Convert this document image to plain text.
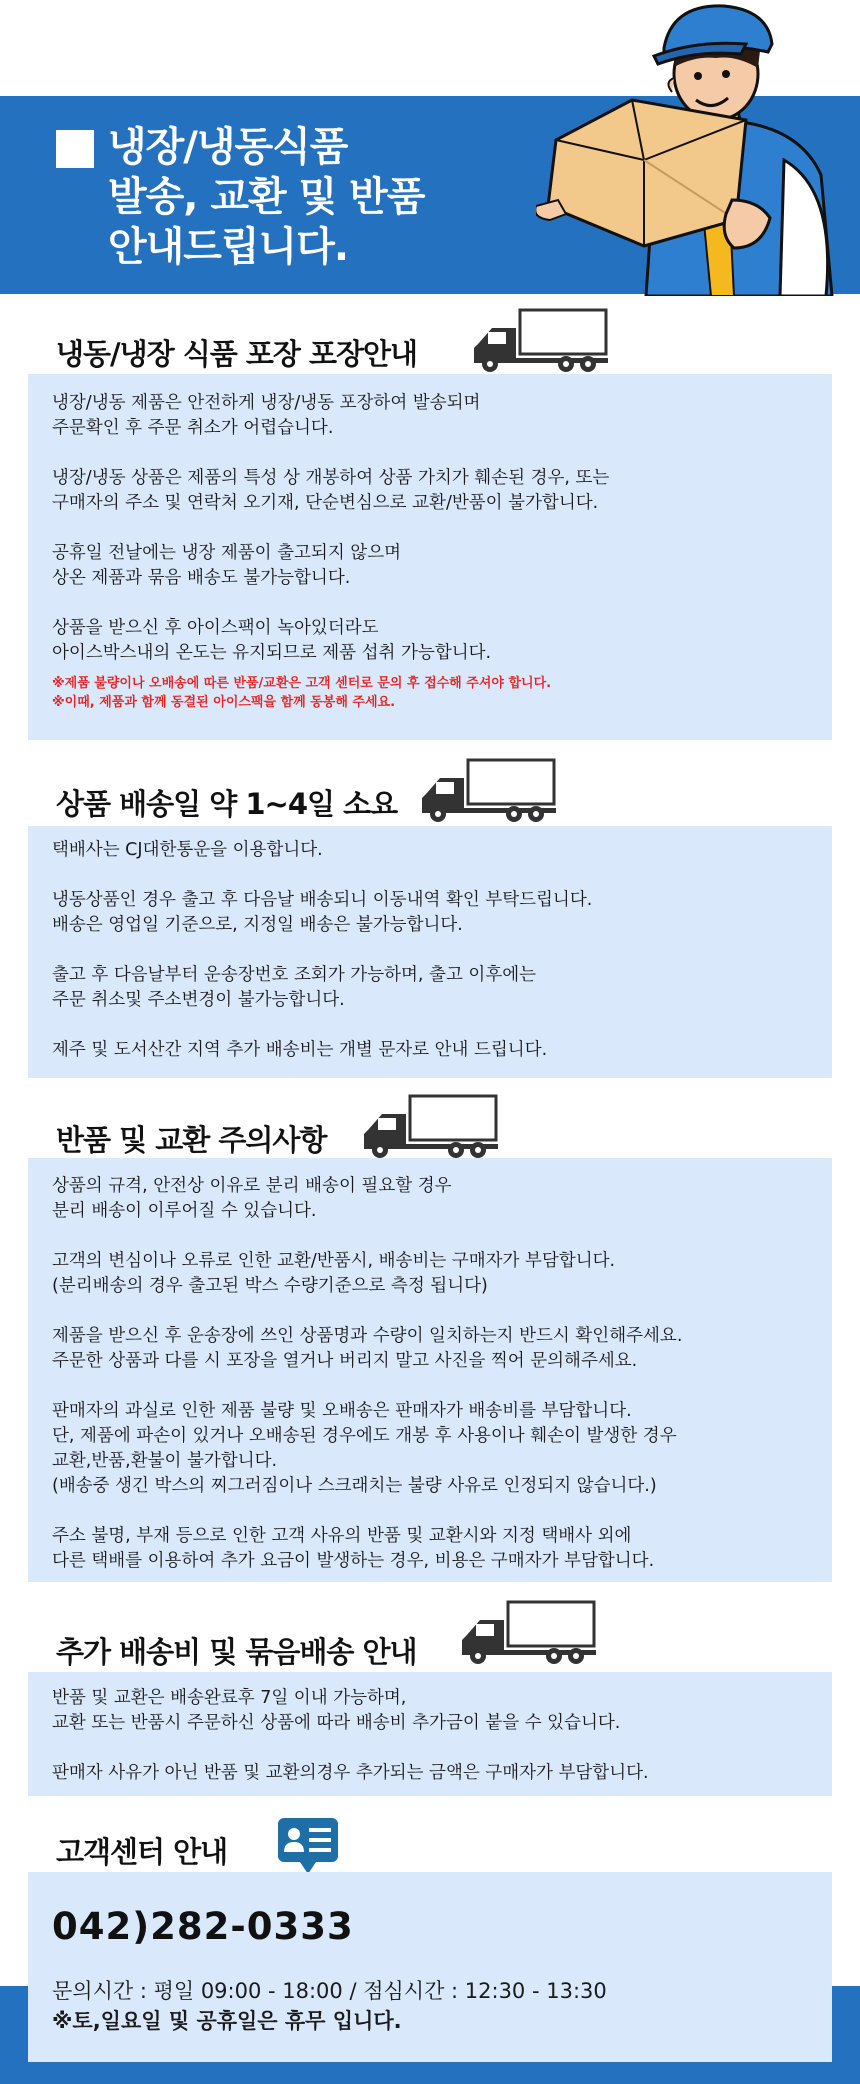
냉장/냉동식품
발송, 교환 및 반품
안내드립니다.
냉동/냉장 식품 포장 포장안내

냉장/냉동 제품은 안전하게 냉장/냉동 포장하여 발송되며
주문확인 후 주문 취소가 어렵습니다.

냉장/냉동 상품은 제품의 특성 상 개봉하여 상품 가치가 훼손된 경우, 또는
구매자의 주소 및 연락처 오기재, 단순변심으로 교환/반품이 불가합니다.

공휴일 전날에는 냉장 제품이 출고되지 않으며
상온 제품과 묶음 배송도 불가능합니다.

상품을 받으신 후 아이스팩이 녹아있더라도
아이스박스내의 온도는 유지되므로 제품 섭취 가능합니다.

※제품 불량이나 오배송에 따른 반품/교환은 고객 센터로 문의 후 접수해 주셔야 합니다.
※이때, 제품과 함께 동결된 아이스팩을 함께 동봉해 주세요.

상품 배송일 약 1~4일 소요

택배사는 CJ대한통운을 이용합니다.

냉동상품인 경우 출고 후 다음날 배송되니 이동내역 확인 부탁드립니다.
배송은 영업일 기준으로, 지정일 배송은 불가능합니다.

출고 후 다음날부터 운송장번호 조회가 가능하며, 출고 이후에는
주문 취소및 주소변경이 불가능합니다.

제주 및 도서산간 지역 추가 배송비는 개별 문자로 안내 드립니다.

반품 및 교환 주의사항

상품의 규격, 안전상 이유로 분리 배송이 필요할 경우
분리 배송이 이루어질 수 있습니다.

고객의 변심이나 오류로 인한 교환/반품시, 배송비는 구매자가 부담합니다.
(분리배송의 경우 출고된 박스 수량기준으로 측정 됩니다)

제품을 받으신 후 운송장에 쓰인 상품명과 수량이 일치하는지 반드시 확인해주세요.
주문한 상품과 다를 시 포장을 열거나 버리지 말고 사진을 찍어 문의해주세요.

판매자의 과실로 인한 제품 불량 및 오배송은 판매자가 배송비를 부담합니다.
단, 제품에 파손이 있거나 오배송된 경우에도 개봉 후 사용이나 훼손이 발생한 경우
교환,반품,환불이 불가합니다.
(배송중 생긴 박스의 찌그러짐이나 스크래치는 불량 사유로 인정되지 않습니다.)

주소 불명, 부재 등으로 인한 고객 사유의 반품 및 교환시와 지정 택배사 외에
다른 택배를 이용하여 추가 요금이 발생하는 경우, 비용은 구매자가 부담합니다.

추가 배송비 및 묶음배송 안내

반품 및 교환은 배송완료후 7일 이내 가능하며,
교환 또는 반품시 주문하신 상품에 따라 배송비 추가금이 붙을 수 있습니다.

판매자 사유가 아닌 반품 및 교환의경우 추가되는 금액은 구매자가 부담합니다.

고객센터 안내
042)282-0333
문의시간 : 평일 09:00 - 18:00 / 점심시간 : 12:30 - 13:30
※토,일요일 및 공휴일은 휴무 입니다.
